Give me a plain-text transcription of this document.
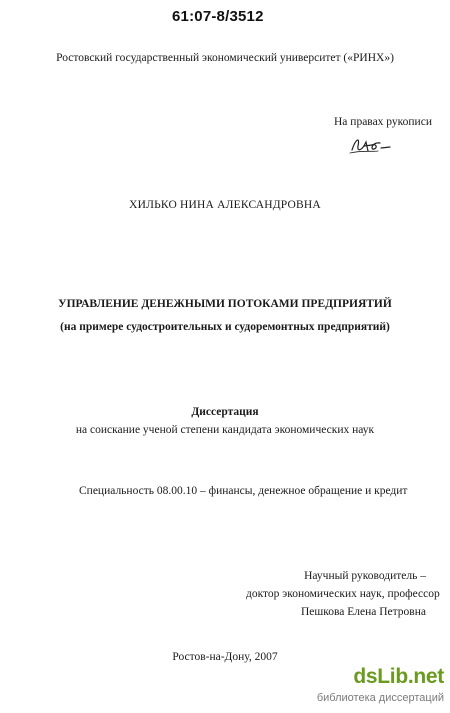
61:07-8/3512
Ростовский государственный экономический университет («РИНХ»)
На правах рукописи
ХИЛЬКО НИНА АЛЕКСАНДРОВНА
УПРАВЛЕНИЕ ДЕНЕЖНЫМИ ПОТОКАМИ ПРЕДПРИЯТИЙ
(на примере судостроительных и судоремонтных предприятий)
Диссертация
на соискание ученой степени кандидата экономических наук
Специальность 08.00.10 – финансы, денежное обращение и кредит
Научный руководитель –
доктор экономических наук, профессор
Пешкова Елена Петровна
Ростов-на-Дону, 2007
dsLib.net
библиотека диссертаций
